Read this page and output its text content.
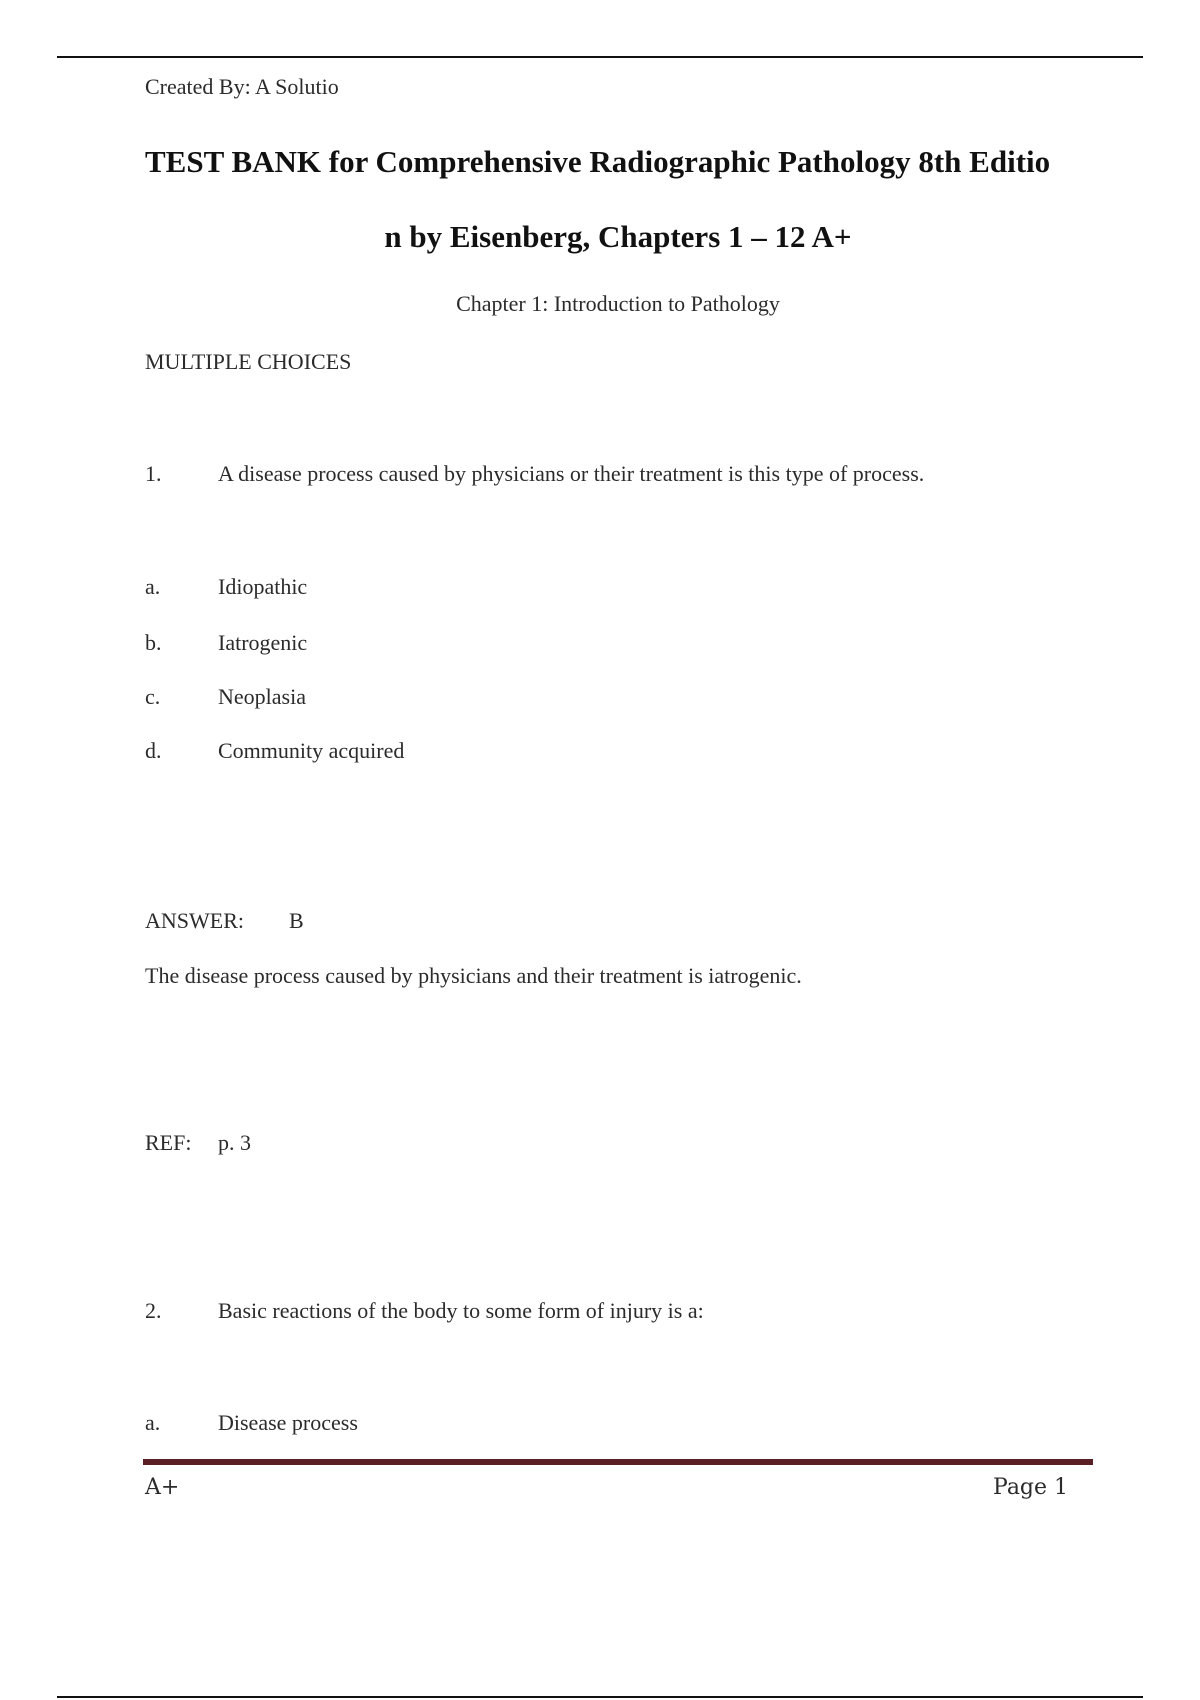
Created By: A Solutio
TEST BANK for Comprehensive Radiographic Pathology 8th Editio
n by Eisenberg, Chapters 1 – 12 A+
Chapter 1: Introduction to Pathology
MULTIPLE CHOICES
1.	A disease process caused by physicians or their treatment is this type of process.
a.	Idiopathic
b.	Iatrogenic
c.	Neoplasia
d.	Community acquired
ANSWER: B
The disease process caused by physicians and their treatment is iatrogenic.
REF: p. 3
2.	Basic reactions of the body to some form of injury is a:
a.	Disease process
A+	Page 1
